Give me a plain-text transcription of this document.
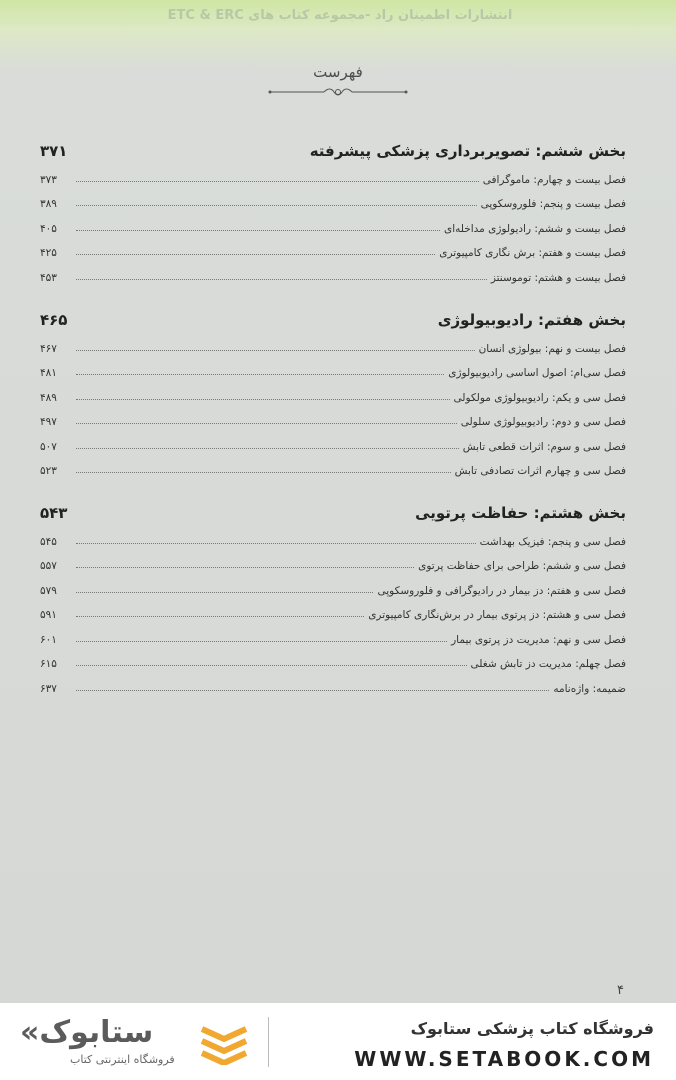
انتشارات اطمینان راد -مجموعه کتاب های ETC & ERC
فهرست
بخش ششم: تصویربرداری پزشکی پیشرفته
۳۷۱
فصل بیست و چهارم: ماموگرافی
۳۷۳
فصل بیست و پنجم: فلوروسکوپی
۳۸۹
فصل بیست و ششم: رادیولوژی مداخله‌ای
۴۰۵
فصل بیست و هفتم: برش نگاری کامپیوتری
۴۲۵
فصل بیست و هشتم: توموسنتز
۴۵۳
بخش هفتم: رادیوبیولوژی
۴۶۵
فصل بیست و نهم: بیولوژی انسان
۴۶۷
فصل سی‌ام: اصول اساسی رادیوبیولوژی
۴۸۱
فصل سی و یکم: رادیوبیولوژی مولکولی
۴۸۹
فصل سی و دوم: رادیوبیولوژی سلولی
۴۹۷
فصل سی و سوم: اثرات قطعی تابش
۵۰۷
فصل سی و چهارم اثرات تصادفی تابش
۵۲۳
بخش هشتم: حفاظت پرتویی
۵۴۳
فصل سی و پنجم: فیزیک بهداشت
۵۴۵
فصل سی و ششم: طراحی برای حفاظت پرتوی
۵۵۷
فصل سی و هفتم: دز بیمار در رادیوگرافی و فلوروسکوپی
۵۷۹
فصل سی و هشتم: دز پرتوی بیمار در برش‌نگاری کامپیوتری
۵۹۱
فصل سی و نهم: مدیریت دز پرتوی بیمار
۶۰۱
فصل چهلم: مدیریت دز تابش شغلی
۶۱۵
ضمیمه: واژه‌نامه
۶۳۷
۴
«ستابوک
فروشگاه اینترنتی کتاب
فروشگاه کتاب پزشکی ستابوک
WWW.SETABOOK.COM
